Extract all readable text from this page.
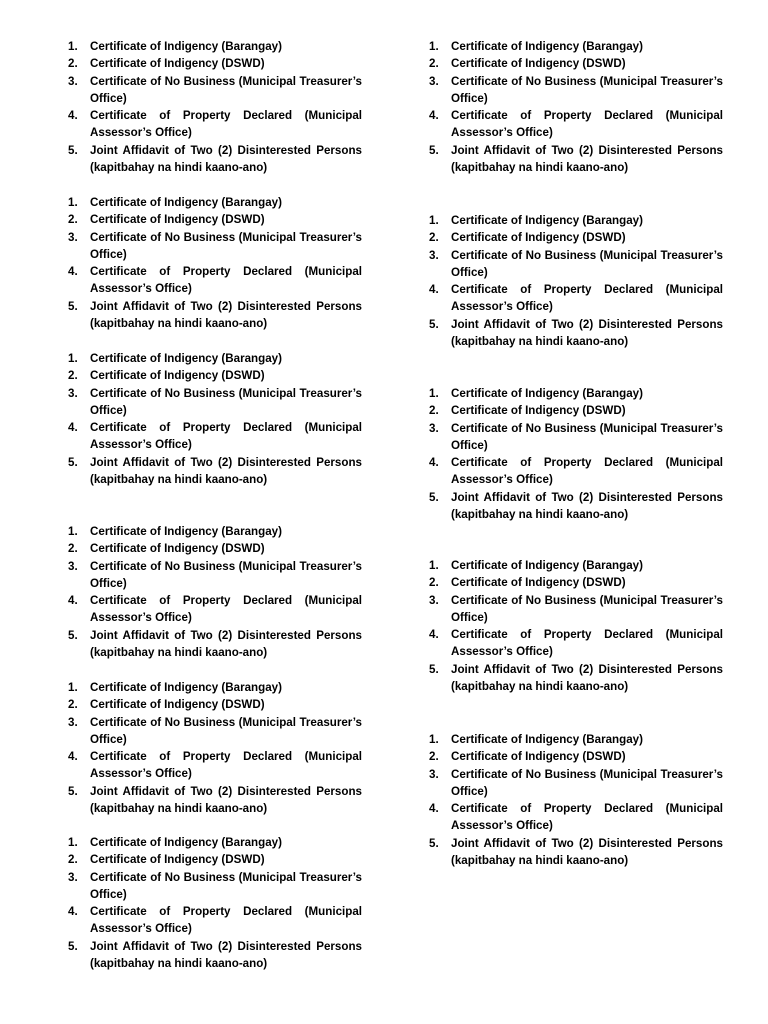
1. Certificate of Indigency (Barangay)
2. Certificate of Indigency (DSWD)
3. Certificate of No Business (Municipal Treasurer’s Office)
4. Certificate of Property Declared (Municipal Assessor’s Office)
5. Joint Affidavit of Two (2) Disinterested Persons (kapitbahay na hindi kaano-ano)
1. Certificate of Indigency (Barangay)
2. Certificate of Indigency (DSWD)
3. Certificate of No Business (Municipal Treasurer’s Office)
4. Certificate of Property Declared (Municipal Assessor’s Office)
5. Joint Affidavit of Two (2) Disinterested Persons (kapitbahay na hindi kaano-ano)
1. Certificate of Indigency (Barangay)
2. Certificate of Indigency (DSWD)
3. Certificate of No Business (Municipal Treasurer’s Office)
4. Certificate of Property Declared (Municipal Assessor’s Office)
5. Joint Affidavit of Two (2) Disinterested Persons (kapitbahay na hindi kaano-ano)
1. Certificate of Indigency (Barangay)
2. Certificate of Indigency (DSWD)
3. Certificate of No Business (Municipal Treasurer’s Office)
4. Certificate of Property Declared (Municipal Assessor’s Office)
5. Joint Affidavit of Two (2) Disinterested Persons (kapitbahay na hindi kaano-ano)
1. Certificate of Indigency (Barangay)
2. Certificate of Indigency (DSWD)
3. Certificate of No Business (Municipal Treasurer’s Office)
4. Certificate of Property Declared (Municipal Assessor’s Office)
5. Joint Affidavit of Two (2) Disinterested Persons (kapitbahay na hindi kaano-ano)
1. Certificate of Indigency (Barangay)
2. Certificate of Indigency (DSWD)
3. Certificate of No Business (Municipal Treasurer’s Office)
4. Certificate of Property Declared (Municipal Assessor’s Office)
5. Joint Affidavit of Two (2) Disinterested Persons (kapitbahay na hindi kaano-ano)
1. Certificate of Indigency (Barangay)
2. Certificate of Indigency (DSWD)
3. Certificate of No Business (Municipal Treasurer’s Office)
4. Certificate of Property Declared (Municipal Assessor’s Office)
5. Joint Affidavit of Two (2) Disinterested Persons (kapitbahay na hindi kaano-ano)
1. Certificate of Indigency (Barangay)
2. Certificate of Indigency (DSWD)
3. Certificate of No Business (Municipal Treasurer’s Office)
4. Certificate of Property Declared (Municipal Assessor’s Office)
5. Joint Affidavit of Two (2) Disinterested Persons (kapitbahay na hindi kaano-ano)
1. Certificate of Indigency (Barangay)
2. Certificate of Indigency (DSWD)
3. Certificate of No Business (Municipal Treasurer’s Office)
4. Certificate of Property Declared (Municipal Assessor’s Office)
5. Joint Affidavit of Two (2) Disinterested Persons (kapitbahay na hindi kaano-ano)
1. Certificate of Indigency (Barangay)
2. Certificate of Indigency (DSWD)
3. Certificate of No Business (Municipal Treasurer’s Office)
4. Certificate of Property Declared (Municipal Assessor’s Office)
5. Joint Affidavit of Two (2) Disinterested Persons (kapitbahay na hindi kaano-ano)
1. Certificate of Indigency (Barangay)
2. Certificate of Indigency (DSWD)
3. Certificate of No Business (Municipal Treasurer’s Office)
4. Certificate of Property Declared (Municipal Assessor’s Office)
5. Joint Affidavit of Two (2) Disinterested Persons (kapitbahay na hindi kaano-ano)
